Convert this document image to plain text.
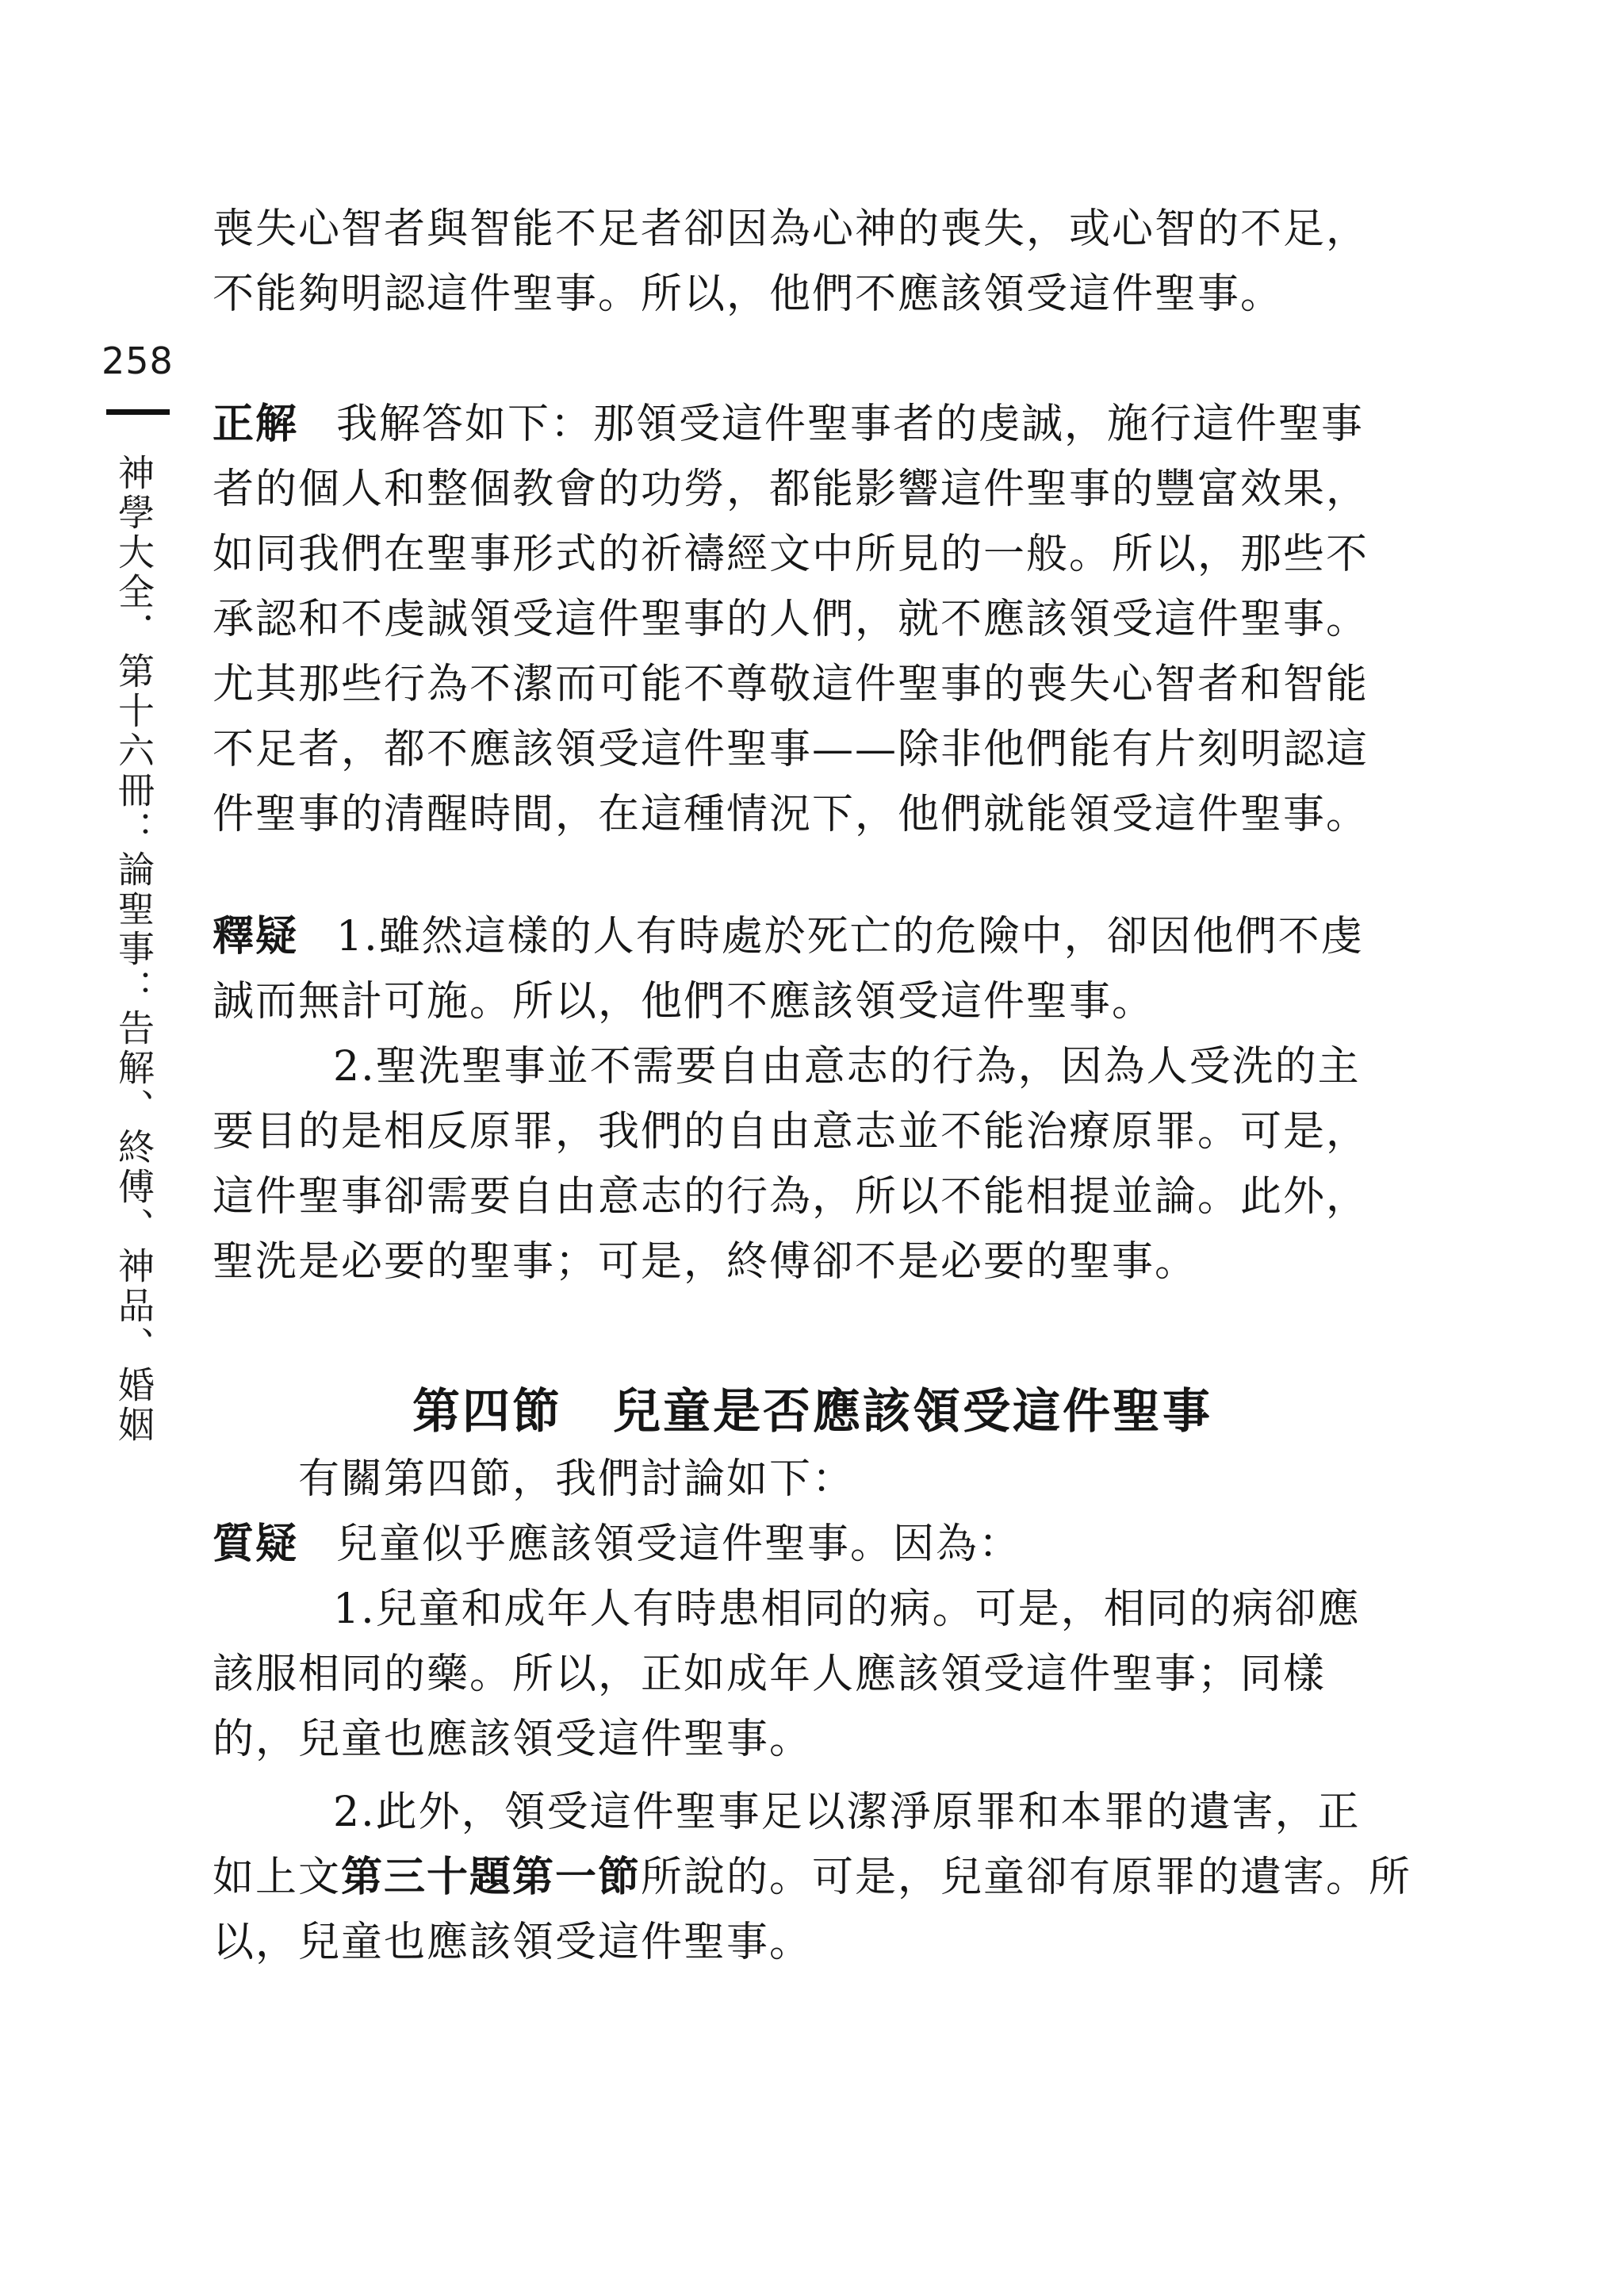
258
神學大全．第十六冊：論聖事：告解、終傅、神品、婚姻
喪失心智者與智能不足者卻因為心神的喪失，或心智的不足，
不能夠明認這件聖事。所以，他們不應該領受這件聖事。
正解 我解答如下：那領受這件聖事者的虔誠，施行這件聖事
者的個人和整個教會的功勞，都能影響這件聖事的豐富效果，
如同我們在聖事形式的祈禱經文中所見的一般。所以，那些不
承認和不虔誠領受這件聖事的人們，就不應該領受這件聖事。
尤其那些行為不潔而可能不尊敬這件聖事的喪失心智者和智能
不足者，都不應該領受這件聖事——除非他們能有片刻明認這
件聖事的清醒時間，在這種情況下，他們就能領受這件聖事。
釋疑 1.雖然這樣的人有時處於死亡的危險中，卻因他們不虔
誠而無計可施。所以，他們不應該領受這件聖事。
2.聖洗聖事並不需要自由意志的行為，因為人受洗的主
要目的是相反原罪，我們的自由意志並不能治療原罪。可是，
這件聖事卻需要自由意志的行為，所以不能相提並論。此外，
聖洗是必要的聖事；可是，終傅卻不是必要的聖事。
第四節 兒童是否應該領受這件聖事
有關第四節，我們討論如下：
質疑 兒童似乎應該領受這件聖事。因為：
1.兒童和成年人有時患相同的病。可是，相同的病卻應
該服相同的藥。所以，正如成年人應該領受這件聖事；同樣
的，兒童也應該領受這件聖事。
2.此外，領受這件聖事足以潔淨原罪和本罪的遺害，正
如上文第三十題第一節所說的。可是，兒童卻有原罪的遺害。所
以，兒童也應該領受這件聖事。
